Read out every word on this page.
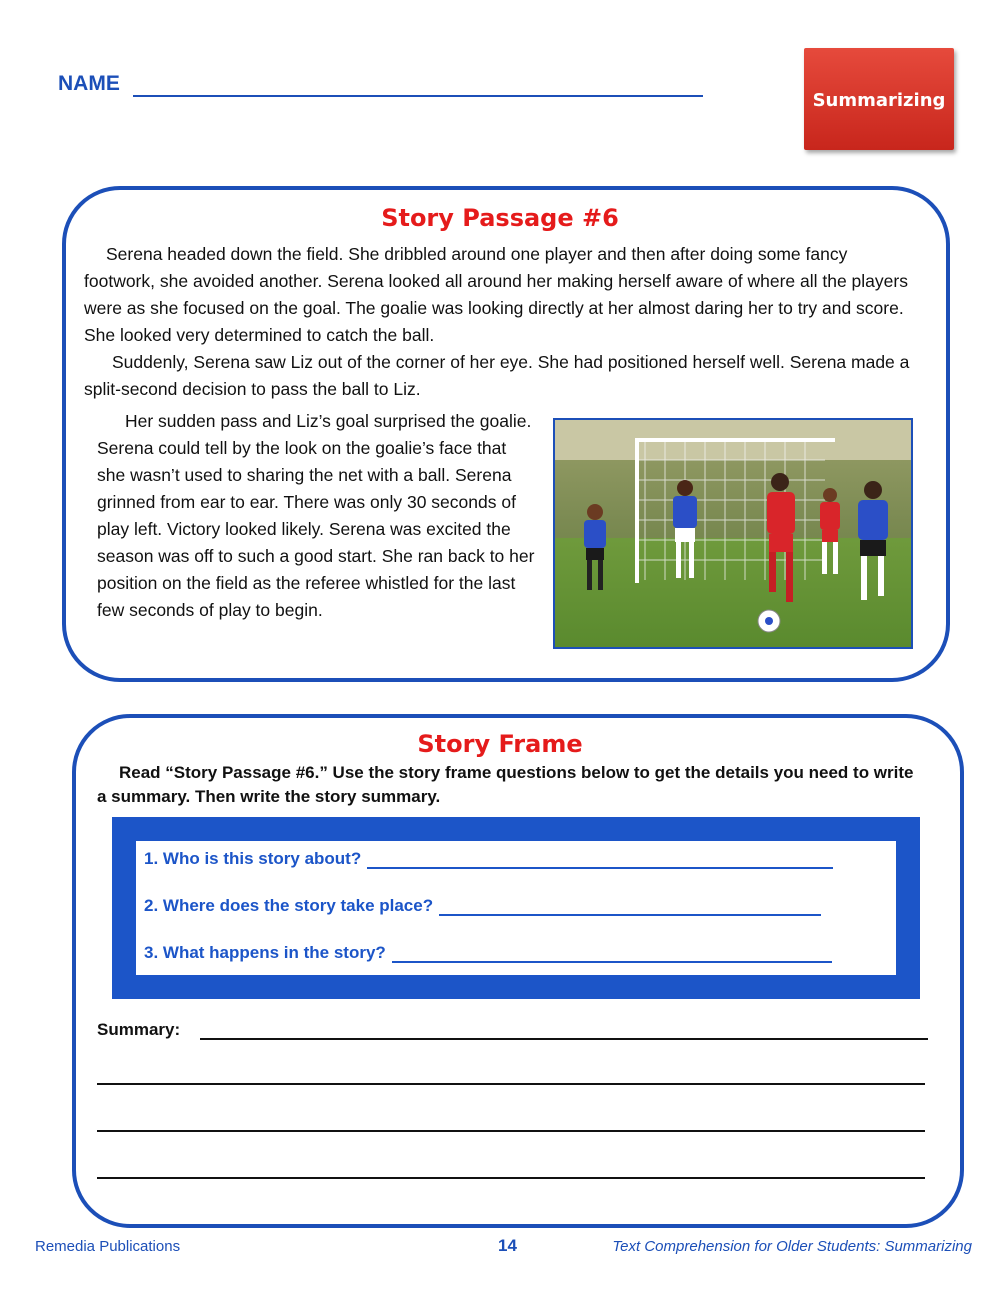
NAME
Summarizing
Story Passage #6
Serena headed down the field. She dribbled around one player and then after doing some fancy footwork, she avoided another. Serena looked all around her making herself aware of where all the players were as she focused on the goal. The goalie was looking directly at her almost daring her to try and score. She looked very determined to catch the ball.
Suddenly, Serena saw Liz out of the corner of her eye. She had positioned herself well. Serena made a split-second decision to pass the ball to Liz.
Her sudden pass and Liz’s goal surprised the goalie. Serena could tell by the look on the goalie’s face that she wasn’t used to sharing the net with a ball. Serena grinned from ear to ear. There was only 30 seconds of play left. Victory looked likely. Serena was excited the season was off to such a good start. She ran back to her position on the field as the referee whistled for the last few seconds of play to begin.
Story Frame
Read “Story Passage #6.” Use the story frame questions below to get the details you need to write a summary. Then write the story summary.
1. Who is this story about?
2. Where does the story take place?
3. What happens in the story?
Summary:
Remedia Publications	14	Text Comprehension for Older Students: Summarizing
